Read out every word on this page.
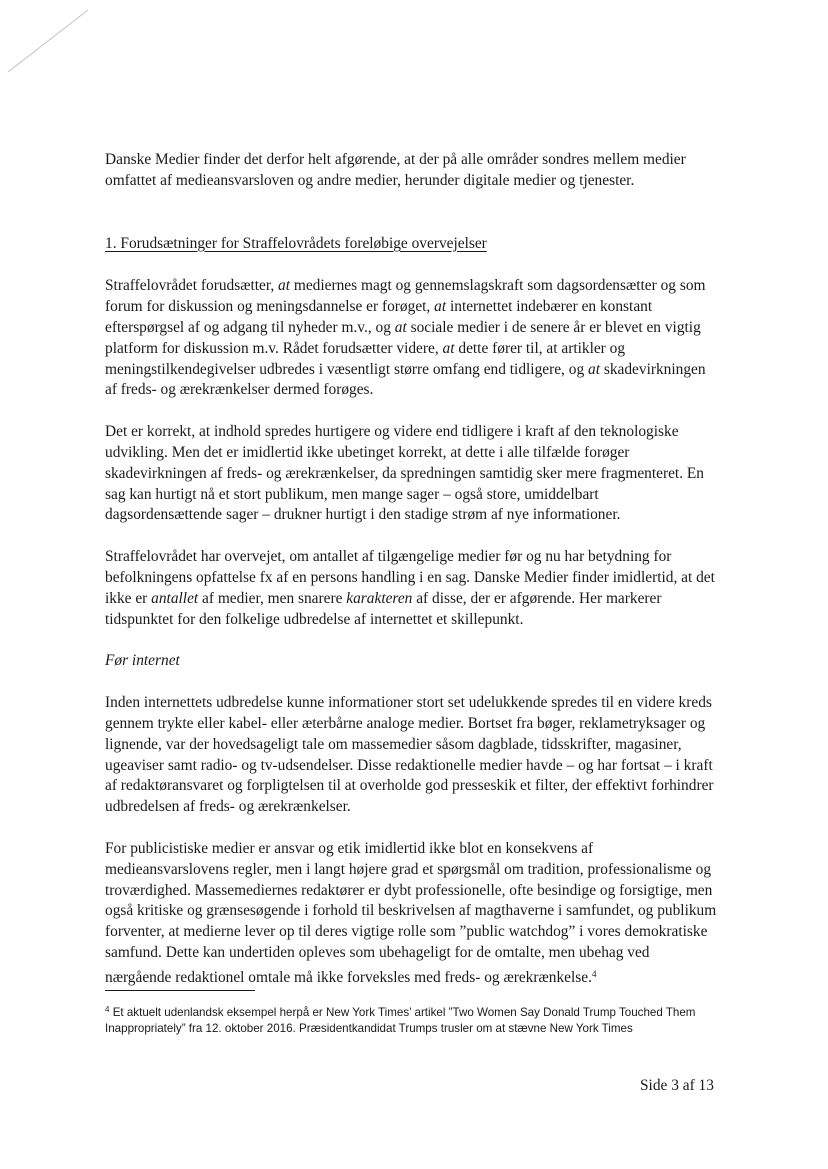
Danske Medier finder det derfor helt afgørende, at der på alle områder sondres mellem medier omfattet af medieansvarsloven og andre medier, herunder digitale medier og tjenester.

1. Forudsætninger for Straffelovrådets foreløbige overvejelser

Straffelovrådet forudsætter, at mediernes magt og gennemslagskraft som dagsordensætter og som forum for diskussion og meningsdannelse er forøget, at internettet indebærer en konstant efterspørgsel af og adgang til nyheder m.v., og at sociale medier i de senere år er blevet en vigtig platform for diskussion m.v. Rådet forudsætter videre, at dette fører til, at artikler og meningstilkendegivelser udbredes i væsentligt større omfang end tidligere, og at skadevirkningen af freds- og ærekrænkelser dermed forøges.

Det er korrekt, at indhold spredes hurtigere og videre end tidligere i kraft af den teknologiske udvikling. Men det er imidlertid ikke ubetinget korrekt, at dette i alle tilfælde forøger skadevirkningen af freds- og ærekrænkelser, da spredningen samtidig sker mere fragmenteret. En sag kan hurtigt nå et stort publikum, men mange sager – også store, umiddelbart dagsordensættende sager – drukner hurtigt i den stadige strøm af nye informationer.

Straffelovrådet har overvejet, om antallet af tilgængelige medier før og nu har betydning for befolkningens opfattelse fx af en persons handling i en sag. Danske Medier finder imidlertid, at det ikke er antallet af medier, men snarere karakteren af disse, der er afgørende. Her markerer tidspunktet for den folkelige udbredelse af internettet et skillepunkt.

Før internet

Inden internettets udbredelse kunne informationer stort set udelukkende spredes til en videre kreds gennem trykte eller kabel- eller æterbårne analoge medier. Bortset fra bøger, reklametryksager og lignende, var der hovedsageligt tale om massemedier såsom dagblade, tidsskrifter, magasiner, ugeaviser samt radio- og tv-udsendelser. Disse redaktionelle medier havde – og har fortsat – i kraft af redaktøransvaret og forpligtelsen til at overholde god presseskik et filter, der effektivt forhindrer udbredelsen af freds- og ærekrænkelser.

For publicistiske medier er ansvar og etik imidlertid ikke blot en konsekvens af medieansvarslovens regler, men i langt højere grad et spørgsmål om tradition, professionalisme og troværdighed. Massemediernes redaktører er dybt professionelle, ofte besindige og forsigtige, men også kritiske og grænsesøgende i forhold til beskrivelsen af magthaverne i samfundet, og publikum forventer, at medierne lever op til deres vigtige rolle som ”public watchdog” i vores demokratiske samfund. Dette kan undertiden opleves som ubehageligt for de omtalte, men ubehag ved nærgående redaktionel omtale må ikke forveksles med freds- og ærekrænkelse.$^4$

$^4$ Et aktuelt udenlandsk eksempel herpå er New York Times’ artikel ”Two Women Say Donald Trump Touched Them Inappropriately” fra 12. oktober 2016. Præsidentkandidat Trumps trusler om at stævne New York Times
Side 3 af 13
